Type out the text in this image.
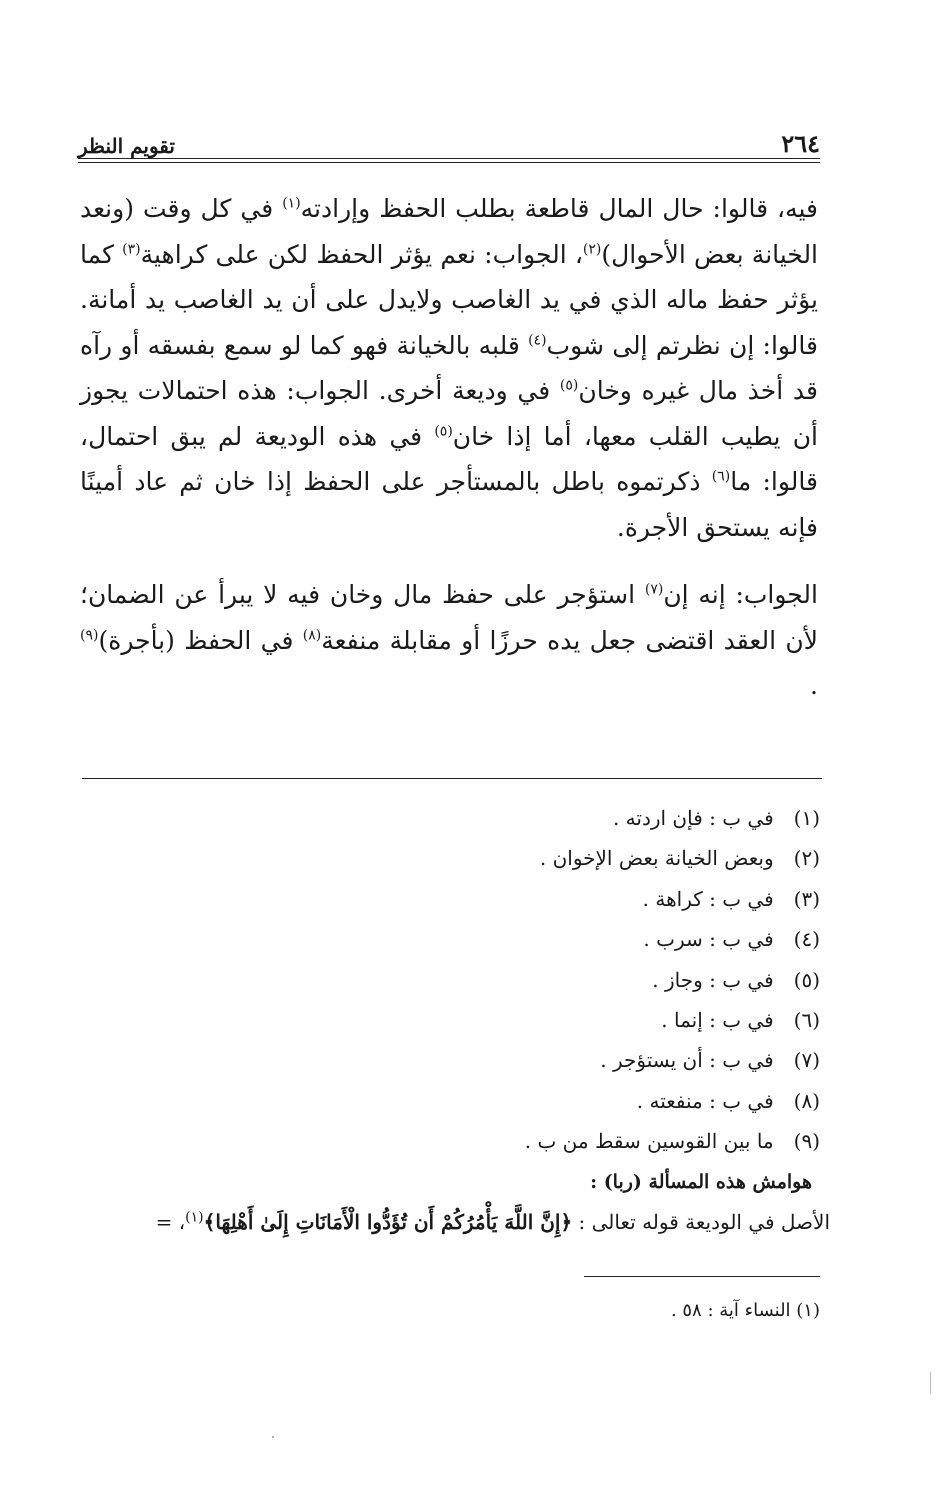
٢٦٤
تقويم النظر

فيه، قالوا: حال المال قاطعة بطلب الحفظ وإرادته$^{(١)}$ في كل وقت (ونعد الخيانة بعض الأحوال)$^{(٢)}$، الجواب: نعم يؤثر الحفظ لكن على كراهية$^{(٣)}$ كما يؤثر حفظ ماله الذي في يد الغاصب ولايدل على أن يد الغاصب يد أمانة. قالوا: إن نظرتم إلى شوب$^{(٤)}$ قلبه بالخيانة فهو كما لو سمع بفسقه أو رآه قد أخذ مال غيره وخان$^{(٥)}$ في وديعة أخرى. الجواب: هذه احتمالات يجوز أن يطيب القلب معها، أما إذا خان$^{(٥)}$ في هذه الوديعة لم يبق احتمال، قالوا: ما$^{(٦)}$ ذكرتموه باطل بالمستأجر على الحفظ إذا خان ثم عاد أمينًا فإنه يستحق الأجرة.

الجواب: إنه إن$^{(٧)}$ استؤجر على حفظ مال وخان فيه لا يبرأ عن الضمان؛ لأن العقد اقتضى جعل يده حرزًا أو مقابلة منفعة$^{(٨)}$ في الحفظ (بأجرة)$^{(٩)}$ .

(١) في ب : فإن اردته .
(٢) وبعض الخيانة بعض الإخوان .
(٣) في ب : كراهة .
(٤) في ب : سرب .
(٥) في ب : وجاز .
(٦) في ب : إنما .
(٧) في ب : أن يستؤجر .
(٨) في ب : منفعته .
(٩) ما بين القوسين سقط من ب .
هوامش هذه المسألة (ربا) :
الأصل في الوديعة قوله تعالى : ﴿إِنَّ اللَّهَ يَأْمُرُكُمْ أَن تُؤَدُّوا الْأَمَانَاتِ إِلَىٰ أَهْلِهَا﴾$^{(١)}$، =
(١) النساء آية : ٥٨ .
